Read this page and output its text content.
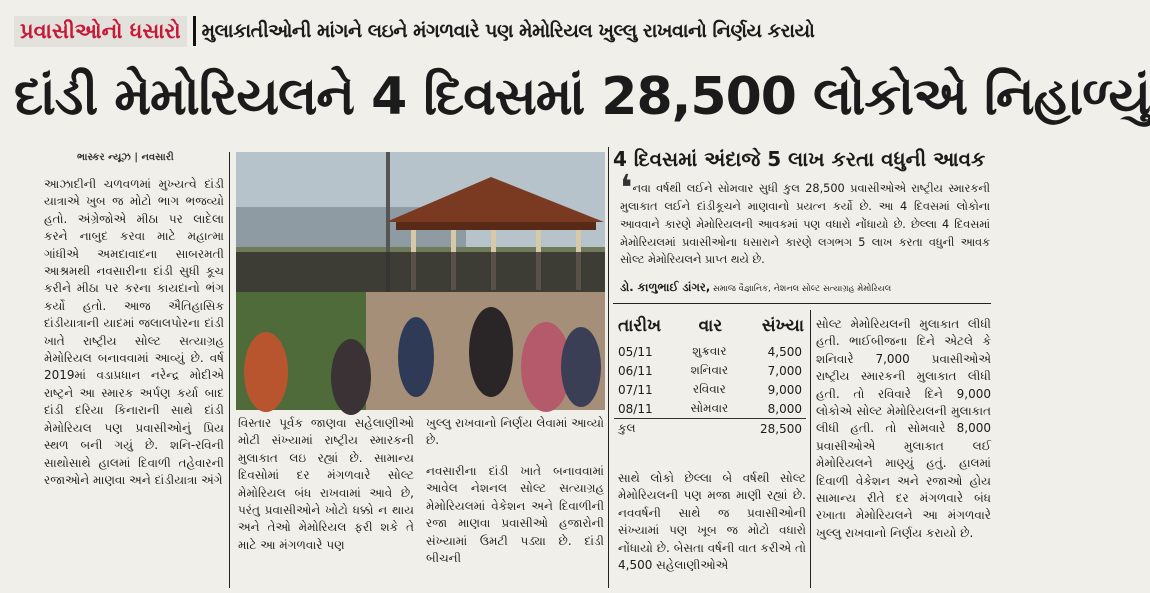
પ્રવાસીઓનો ધસારો	મુલાકાતીઓની માંગને લઇને મંગળવારે પણ મેમોરિયલ ખુલ્લુ રાખવાનો નિર્ણય કરાયો
દાંડી મેમોરિયલને 4 દિવસમાં 28,500 લોકોએ નિહાળ્યું
ભાસ્કર ન્યૂઝ | નવસારી
આઝાદીની ચળવળમાં મુખ્યત્વે દાંડી યાત્રાએ ખુબ જ મોટો ભાગ ભજવ્યો હતો. અંગ્રેજોએ મીઠા પર લાદેલા કરને નાબુદ કરવા માટે મહાત્મા ગાંધીએ અમદાવાદના સાબરમતી આશ્રમથી નવસારીના દાંડી સુધી કૂચ કરીને મીઠા પર કરના કાયદાનો ભંગ કર્યો હતો. આજ ઐતિહાસિક દાંડીયાત્રાની યાદમાં જલાલપોરના દાંડી ખાતે રાષ્ટ્રીય સોલ્ટ સત્યાગ્રહ મેમોરિયલ બનાવવામાં આવ્યું છે. વર્ષ 2019માં વડાપ્રધાન નરેન્દ્ર મોદીએ રાષ્ટ્રને આ સ્મારક અર્પણ કર્યા બાદ દાંડી દરિયા કિનારાની સાથે દાંડી મેમોરિયલ પણ પ્રવાસીઓનું પ્રિય સ્થળ બની ગયું છે. શનિ-રવિની સાથોસાથે હાલમાં દિવાળી તહેવારની રજાઓને માણવા અને દાંડીયાત્રા અંગે
વિસ્તાર પૂર્વક જાણવા સહેલાણીઓ મોટી સંખ્યામાં રાષ્ટ્રીય સ્મારકની મુલાકાત લઇ રહ્યાં છે. સામાન્ય દિવસોમાં દર મંગળવારે સોલ્ટ મેમોરિયલ બંધ રાખવામાં આવે છે, પરંતુ પ્રવાસીઓને ખોટો ધક્કો ન થાય અને તેઓ મેમોરિયલ ફરી શકે તે માટે આ મંગળવારે પણ
ખુલ્લુ રાખવાનો નિર્ણય લેવામાં આવ્યો છે.
નવસારીના દાંડી ખાતે બનાવવામાં આવેલ નેશનલ સોલ્ટ સત્યાગ્રહ મેમોરિયલમાં વેકેશન અને દિવાળીની રજા માણવા પ્રવાસીઓ હજારોની સંખ્યામાં ઉમટી પડ્યા છે. દાંડી બીચની
4 દિવસમાં અંદાજે 5 લાખ કરતા વધુની આવક
❛નવા વર્ષથી લઈને સોમવાર સુધી કુલ 28,500 પ્રવાસીઓએ રાષ્ટ્રીય સ્મારકની મુલાકાત લઈને દાંડીકૂચને માણવાનો પ્રયત્ન કર્યો છે. આ 4 દિવસમાં લોકોના આવવાને કારણે મેમોરિયલની આવકમાં પણ વધારો નોંધાયો છે. છેલ્લા 4 દિવસમાં મેમોરિયલમાં પ્રવાસીઓના ધસારાને કારણે લગભગ 5 લાખ કરતા વધુની આવક સોલ્ટ મેમોરિયલને પ્રાપ્ત થયે છે.
ડો. કાળુભાઈ ડાંગર, સમાજ વૈજ્ઞાનિક, નેશનલ સોલ્ટ સત્યાગ્રહ મેમોરિયલ
તારીખ	વાર	સંખ્યા
05/11	શુક્રવાર	4,500
06/11	શનિવાર	7,000
07/11	રવિવાર	9,000
08/11	સોમવાર	8,000
કુલ		28,500
સાથે લોકો છેલ્લા બે વર્ષથી સોલ્ટ મેમોરિયલની પણ મજા માણી રહ્યાં છે. નવવર્ષની સાથે જ પ્રવાસીઓની સંખ્યામાં પણ ખૂબ જ મોટો વધારો નોંધાયો છે. બેસતા વર્ષની વાત કરીએ તો 4,500 સહેલાણીઓએ
સોલ્ટ મેમોરિયલની મુલાકાત લીધી હતી. ભાઈબીજના દિને એટલે કે શનિવારે 7,000 પ્રવાસીઓએ રાષ્ટ્રીય સ્મારકની મુલાકાત લીધી હતી. તો રવિવારે દિને 9,000 લોકોએ સોલ્ટ મેમોરિયલની મુલાકાત લીધી હતી. તો સોમવારે 8,000 પ્રવાસીઓએ મુલાકાત લઈ મેમોરિયલને માણ્યું હતું. હાલમાં દિવાળી વેકેશન અને રજાઓ હોય સામાન્ય રીતે દર મંગળવારે બંધ રખાતા મેમોરિયલને આ મંગળવારે ખુલ્લુ રાખવાનો નિર્ણય કરાયો છે.
